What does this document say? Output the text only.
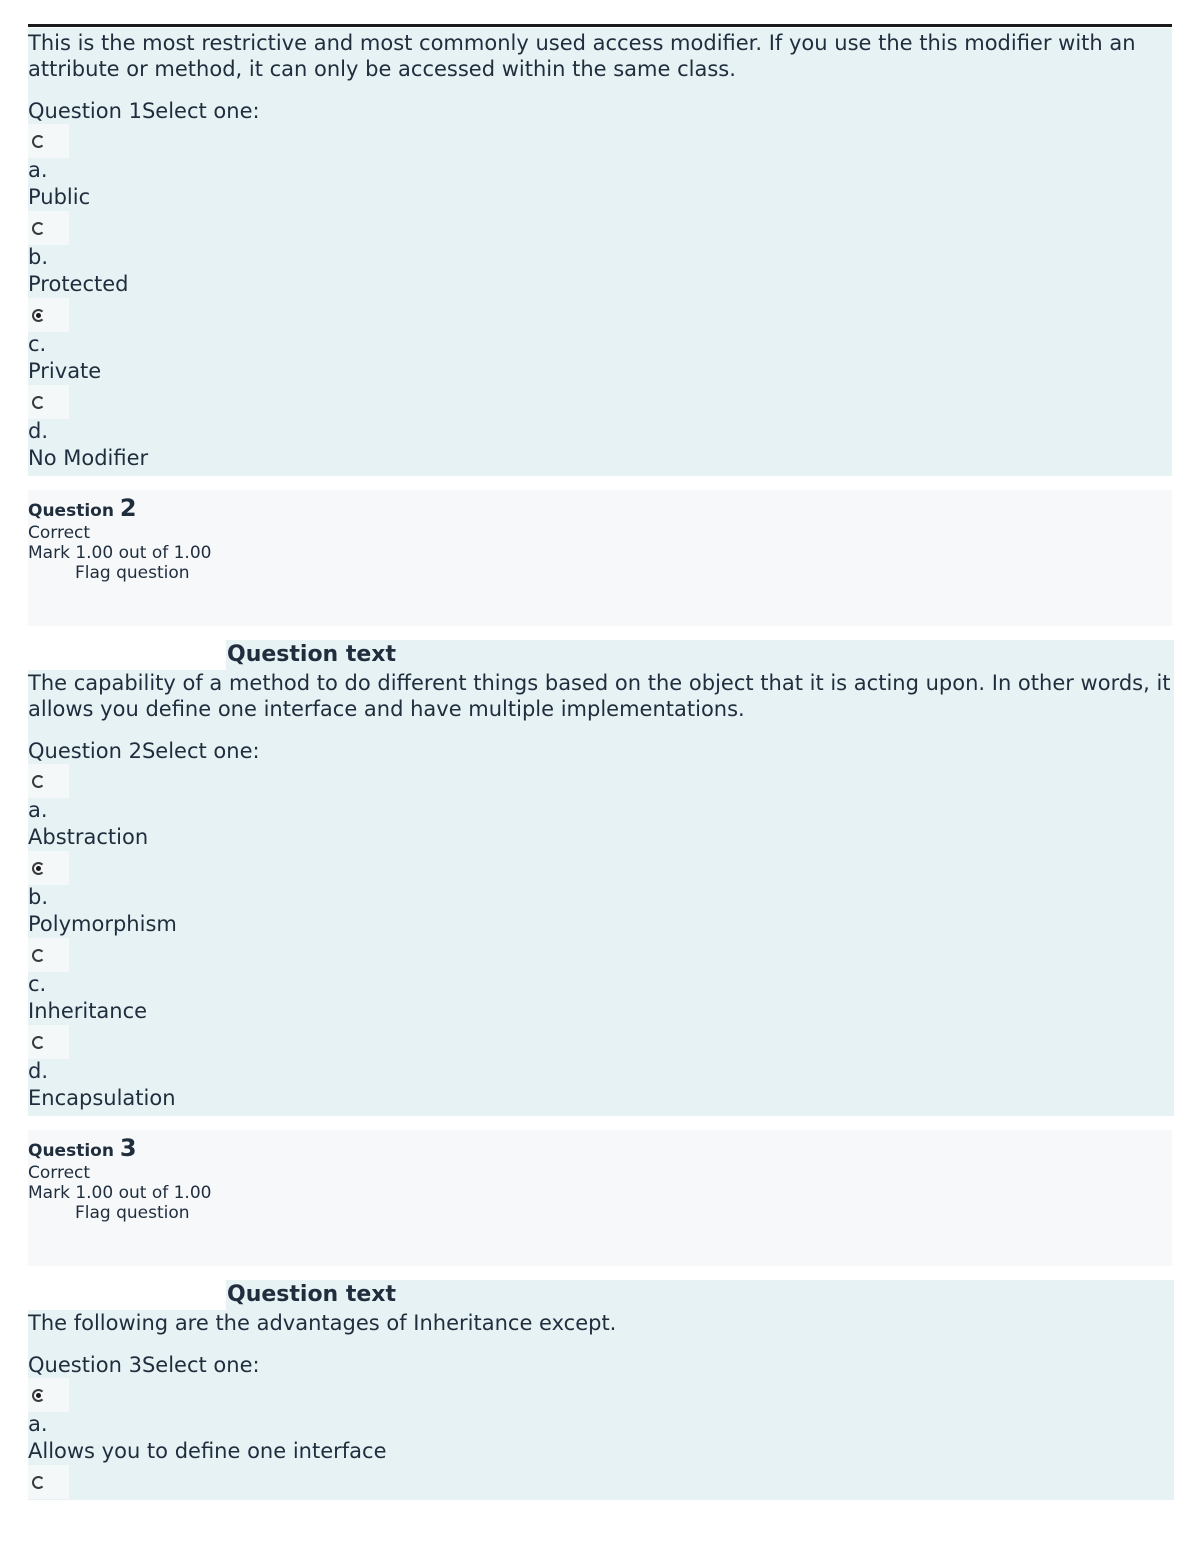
This is the most restrictive and most commonly used access modifier. If you use the this modifier with an attribute or method, it can only be accessed within the same class.

Question 1Select one:
a.
Public
b.
Protected
c.
Private
d.
No Modifier
Question 2
Correct
Mark 1.00 out of 1.00
Flag question
Question text

The capability of a method to do different things based on the object that it is acting upon. In other words, it allows you define one interface and have multiple implementations.

Question 2Select one:
a.
Abstraction
b.
Polymorphism
c.
Inheritance
d.
Encapsulation
Question 3
Correct
Mark 1.00 out of 1.00
Flag question
Question text

The following are the advantages of Inheritance except.

Question 3Select one:
a.
Allows you to define one interface
